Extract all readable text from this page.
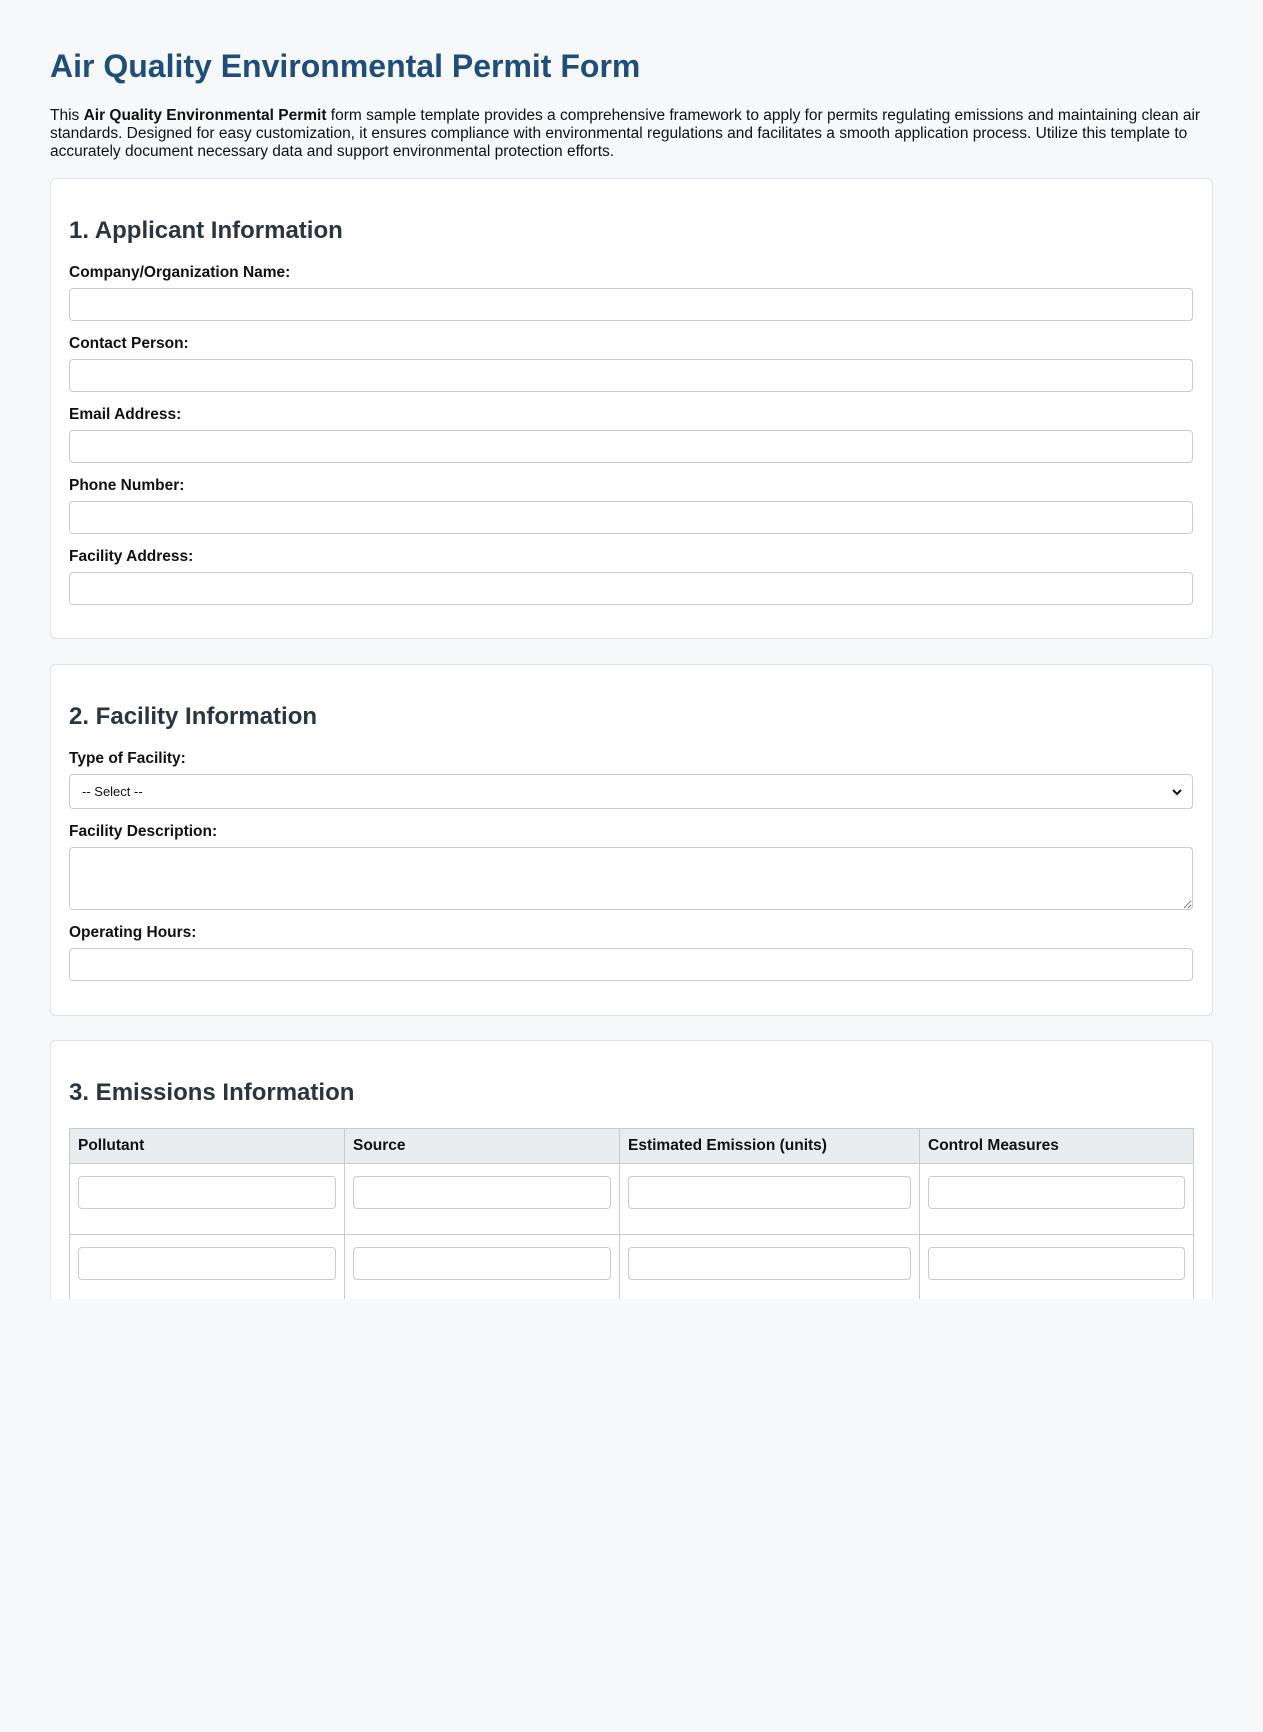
Air Quality Environmental Permit Form

This Air Quality Environmental Permit form sample template provides a comprehensive framework to apply for permits regulating emissions and maintaining clean air standards. Designed for easy customization, it ensures compliance with environmental regulations and facilitates a smooth application process. Utilize this template to accurately document necessary data and support environmental protection efforts.

1. Applicant Information
Company/Organization Name:
Contact Person:
Email Address:
Phone Number:
Facility Address:
2. Facility Information
Type of Facility:
-- Select --
Facility Description:
Operating Hours:
3. Emissions Information
Pollutant	Source	Estimated Emission (units)	Control Measures
